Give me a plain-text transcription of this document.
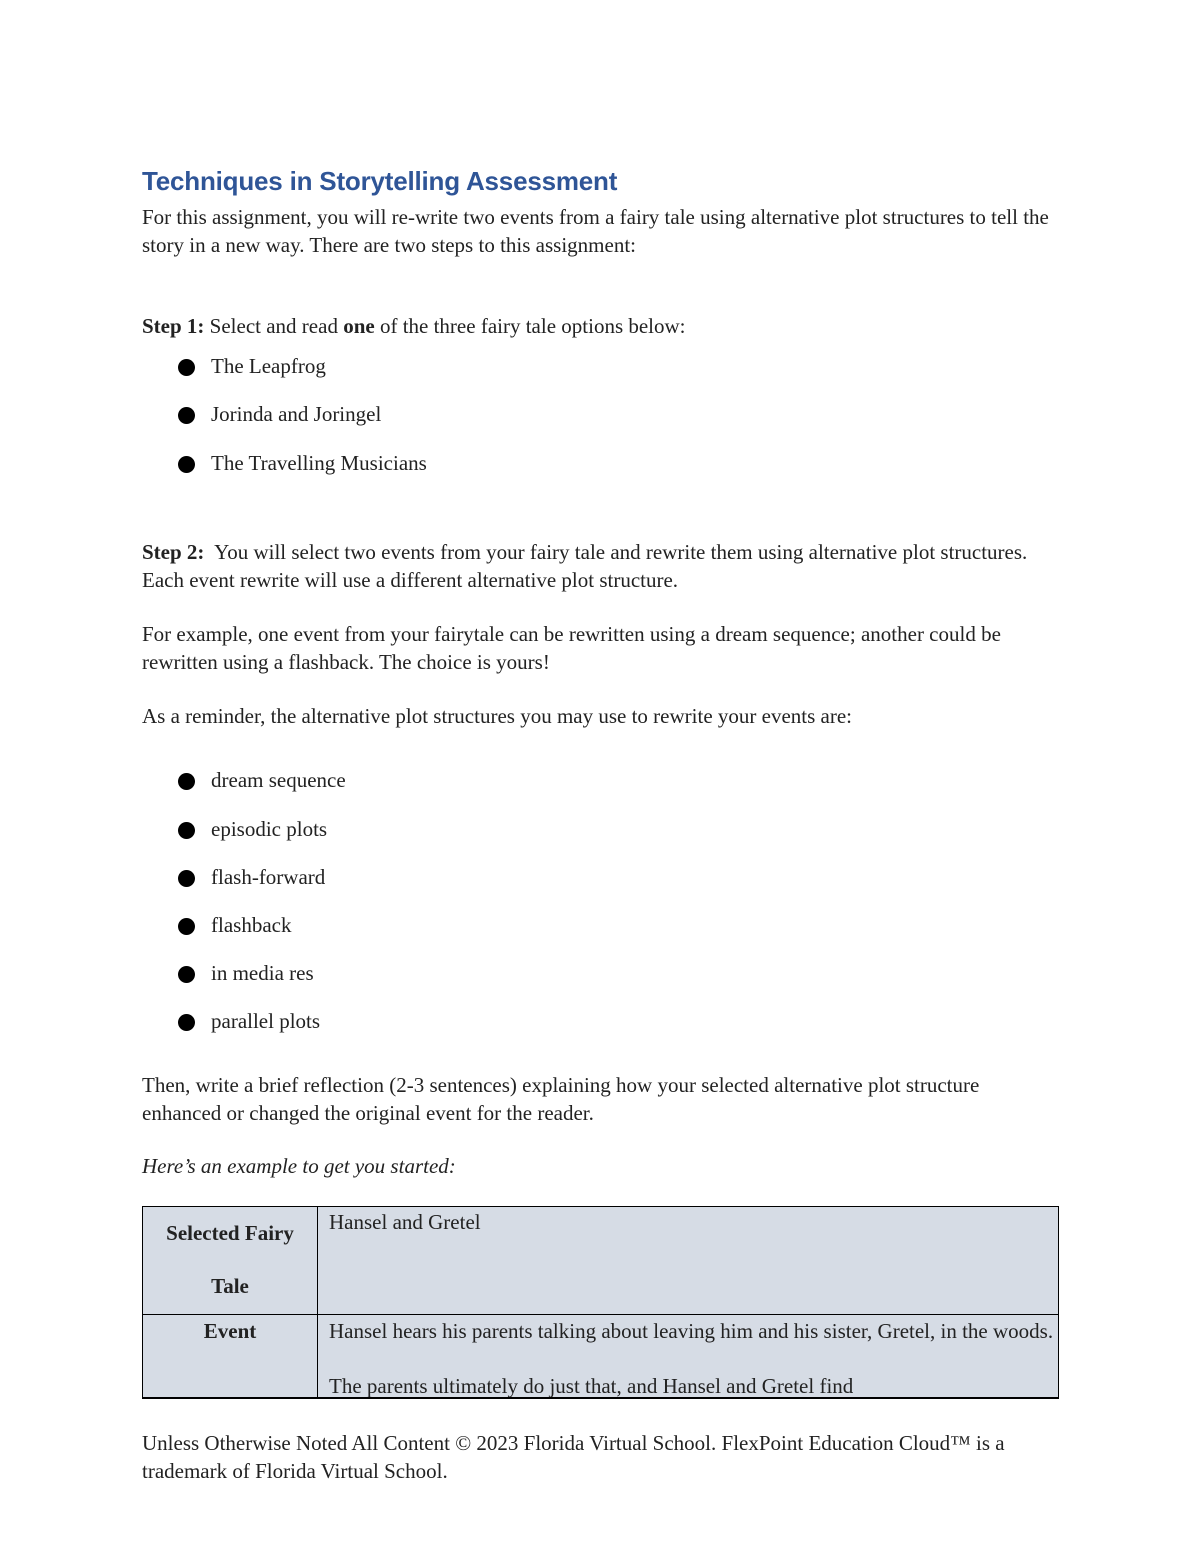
Techniques in Storytelling Assessment

For this assignment, you will re-write two events from a fairy tale using alternative plot structures to tell the story in a new way. There are two steps to this assignment:

Step 1: Select and read one of the three fairy tale options below:

The Leapfrog
Jorinda and Joringel
The Travelling Musicians

Step 2:  You will select two events from your fairy tale and rewrite them using alternative plot structures. Each event rewrite will use a different alternative plot structure.

For example, one event from your fairytale can be rewritten using a dream sequence; another could be rewritten using a flashback. The choice is yours!

As a reminder, the alternative plot structures you may use to rewrite your events are:

dream sequence
episodic plots
flash-forward
flashback
in media res
parallel plots

Then, write a brief reflection (2-3 sentences) explaining how your selected alternative plot structure enhanced or changed the original event for the reader.

Here’s an example to get you started:

Selected Fairy
Tale	Hansel and Gretel
Event	Hansel hears his parents talking about leaving him and his sister, Gretel, in the woods. The parents ultimately do just that, and Hansel and Gretel find

Unless Otherwise Noted All Content © 2023 Florida Virtual School. FlexPoint Education Cloud™ is a trademark of Florida Virtual School.
